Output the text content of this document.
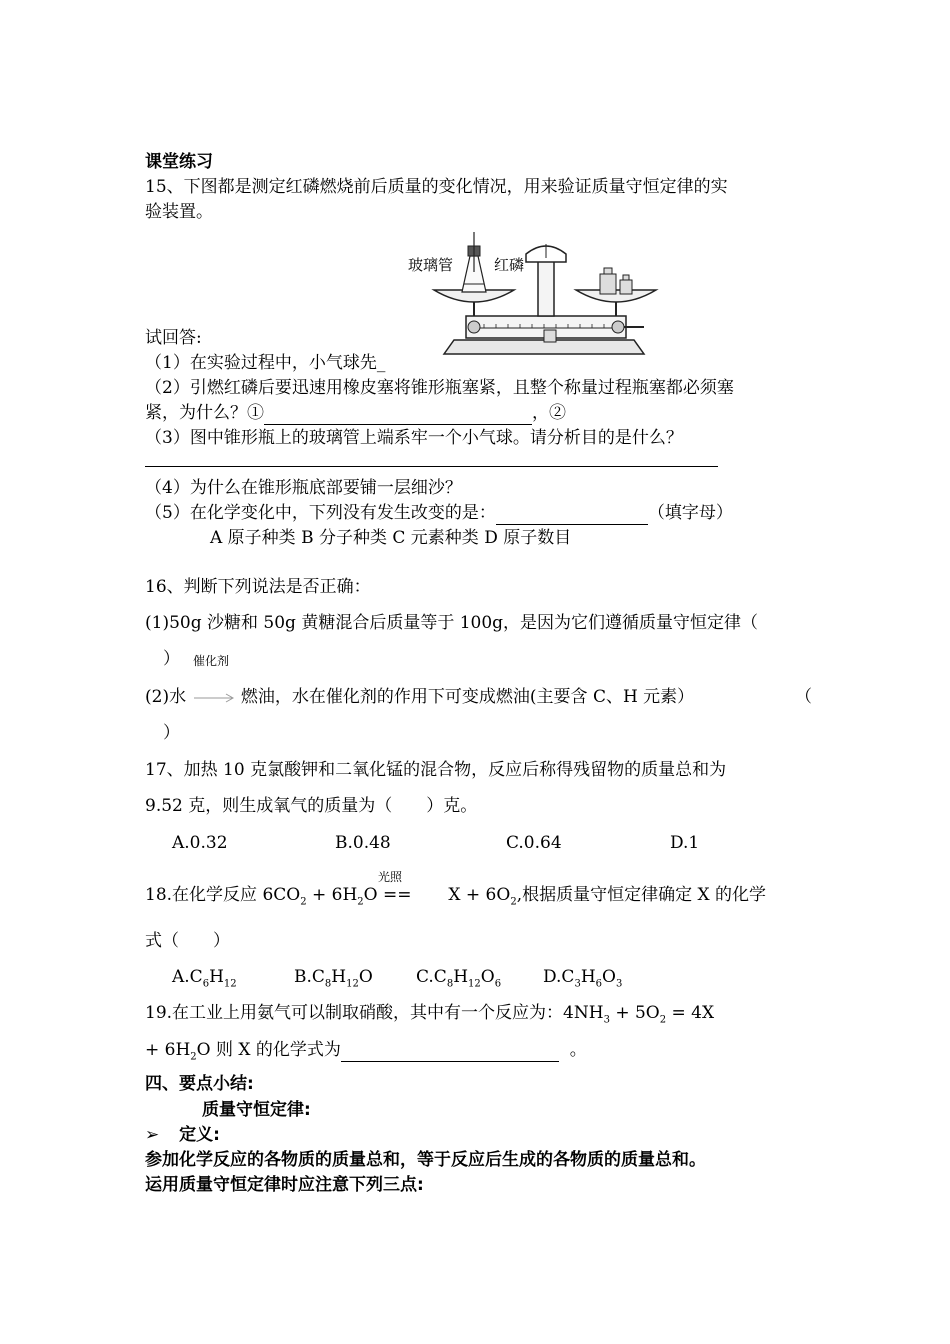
课堂练习
15、下图都是测定红磷燃烧前后质量的变化情况，用来验证质量守恒定律的实
验装置。
玻璃管	红磷
试回答:
（1）在实验过程中，小气球先_
（2）引燃红磷后要迅速用橡皮塞将锥形瓶塞紧，且整个称量过程瓶塞都必须塞
紧，为什么？①	，②
（3）图中锥形瓶上的玻璃管上端系牢一个小气球。请分析目的是什么？
（4）为什么在锥形瓶底部要铺一层细沙？
（5）在化学变化中，下列没有发生改变的是：	（填字母）
A 原子种类 B 分子种类 C 元素种类 D 原子数目
16、判断下列说法是否正确：
(1)50g 沙糖和 50g 黄糖混合后质量等于 100g，是因为它们遵循质量守恒定律（
） 催化剂
(2)水 → 燃油，水在催化剂的作用下可变成燃油(主要含 C、H 元素）	（
）
17、加热 10 克氯酸钾和二氧化锰的混合物，反应后称得残留物的质量总和为
9.52 克，则生成氧气的质量为（　　）克。
A.0.32	B.0.48	C.0.64	D.1
光照
18.在化学反应 $6CO_2 + 6H_2O == X + 6O_2$,根据质量守恒定律确定 X 的化学
式（　　）
$A.C_6H_{12}$	$B.C_8H_{12}O$	$C.C_8H_{12}O_6$ $D.C_3H_6O_3$
19.在工业上用氨气可以制取硝酸，其中有一个反应为：$4NH_3 + 5O_2 = 4X$
+ $6H_2O$ 则 X 的化学式为	。
四、要点小结:
质量守恒定律:
➢ 定义:
参加化学反应的各物质的质量总和，等于反应后生成的各物质的质量总和。
运用质量守恒定律时应注意下列三点:
